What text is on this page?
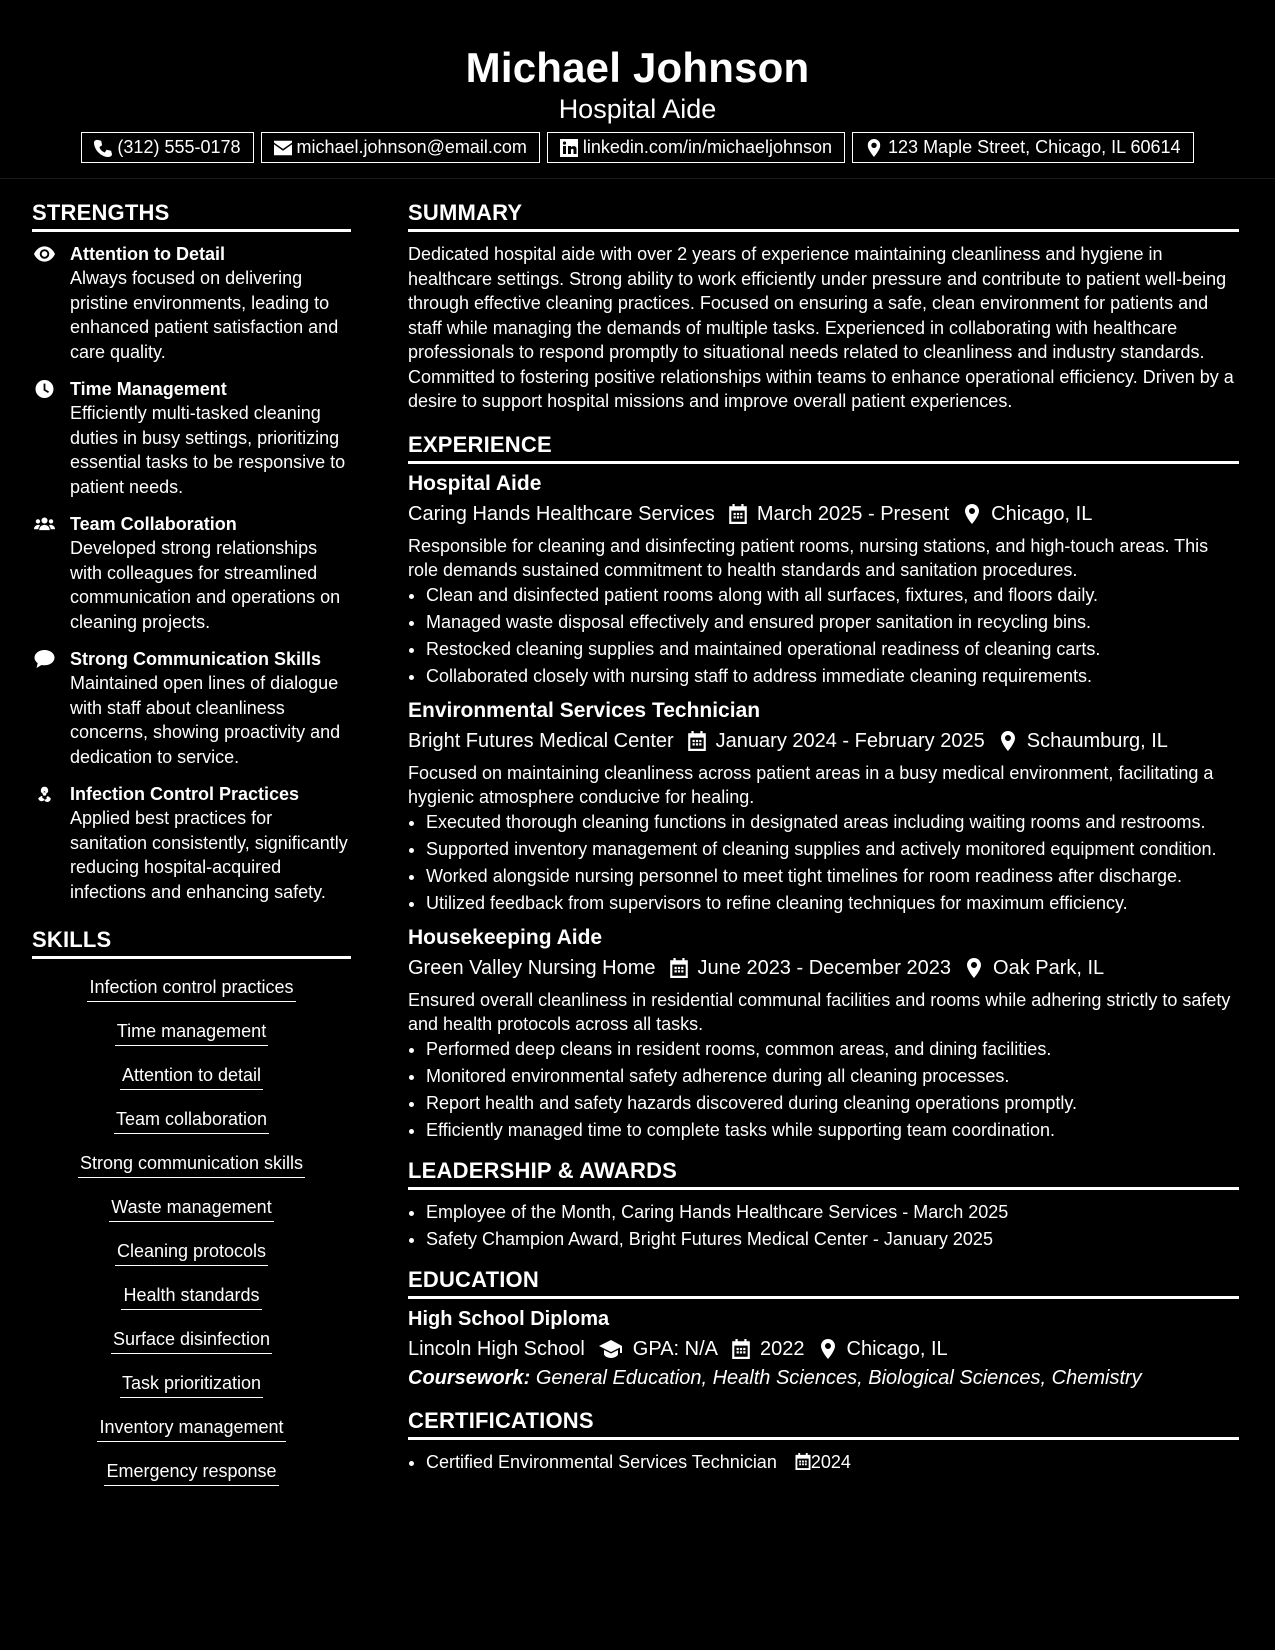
Michael Johnson
Hospital Aide
(312) 555-0178	michael.johnson@email.com	linkedin.com/in/michaeljohnson	123 Maple Street, Chicago, IL 60614
STRENGTHS
Attention to Detail
Always focused on delivering pristine environments, leading to enhanced patient satisfaction and care quality.
Time Management
Efficiently multi-tasked cleaning duties in busy settings, prioritizing essential tasks to be responsive to patient needs.
Team Collaboration
Developed strong relationships with colleagues for streamlined communication and operations on cleaning projects.
Strong Communication Skills
Maintained open lines of dialogue with staff about cleanliness concerns, showing proactivity and dedication to service.
Infection Control Practices
Applied best practices for sanitation consistently, significantly reducing hospital-acquired infections and enhancing safety.
SKILLS
Infection control practices
Time management
Attention to detail
Team collaboration
Strong communication skills
Waste management
Cleaning protocols
Health standards
Surface disinfection
Task prioritization
Inventory management
Emergency response
SUMMARY

Dedicated hospital aide with over 2 years of experience maintaining cleanliness and hygiene in healthcare settings. Strong ability to work efficiently under pressure and contribute to patient well-being through effective cleaning practices. Focused on ensuring a safe, clean environment for patients and staff while managing the demands of multiple tasks. Experienced in collaborating with healthcare professionals to respond promptly to situational needs related to cleanliness and industry standards. Committed to fostering positive relationships within teams to enhance operational efficiency. Driven by a desire to support hospital missions and improve overall patient experiences.

EXPERIENCE
Hospital Aide
Caring Hands Healthcare Services March 2025 - Present Chicago, IL
Responsible for cleaning and disinfecting patient rooms, nursing stations, and high-touch areas. This role demands sustained commitment to health standards and sanitation procedures.
• Clean and disinfected patient rooms along with all surfaces, fixtures, and floors daily.
• Managed waste disposal effectively and ensured proper sanitation in recycling bins.
• Restocked cleaning supplies and maintained operational readiness of cleaning carts.
• Collaborated closely with nursing staff to address immediate cleaning requirements.
Environmental Services Technician
Bright Futures Medical Center January 2024 - February 2025 Schaumburg, IL
Focused on maintaining cleanliness across patient areas in a busy medical environment, facilitating a hygienic atmosphere conducive for healing.
• Executed thorough cleaning functions in designated areas including waiting rooms and restrooms.
• Supported inventory management of cleaning supplies and actively monitored equipment condition.
• Worked alongside nursing personnel to meet tight timelines for room readiness after discharge.
• Utilized feedback from supervisors to refine cleaning techniques for maximum efficiency.
Housekeeping Aide
Green Valley Nursing Home June 2023 - December 2023 Oak Park, IL
Ensured overall cleanliness in residential communal facilities and rooms while adhering strictly to safety and health protocols across all tasks.
• Performed deep cleans in resident rooms, common areas, and dining facilities.
• Monitored environmental safety adherence during all cleaning processes.
• Report health and safety hazards discovered during cleaning operations promptly.
• Efficiently managed time to complete tasks while supporting team coordination.
LEADERSHIP & AWARDS
• Employee of the Month, Caring Hands Healthcare Services - March 2025
• Safety Champion Award, Bright Futures Medical Center - January 2025
EDUCATION
High School Diploma
Lincoln High School GPA: N/A 2022 Chicago, IL
Coursework: General Education, Health Sciences, Biological Sciences, Chemistry
CERTIFICATIONS
• Certified Environmental Services Technician 2024
